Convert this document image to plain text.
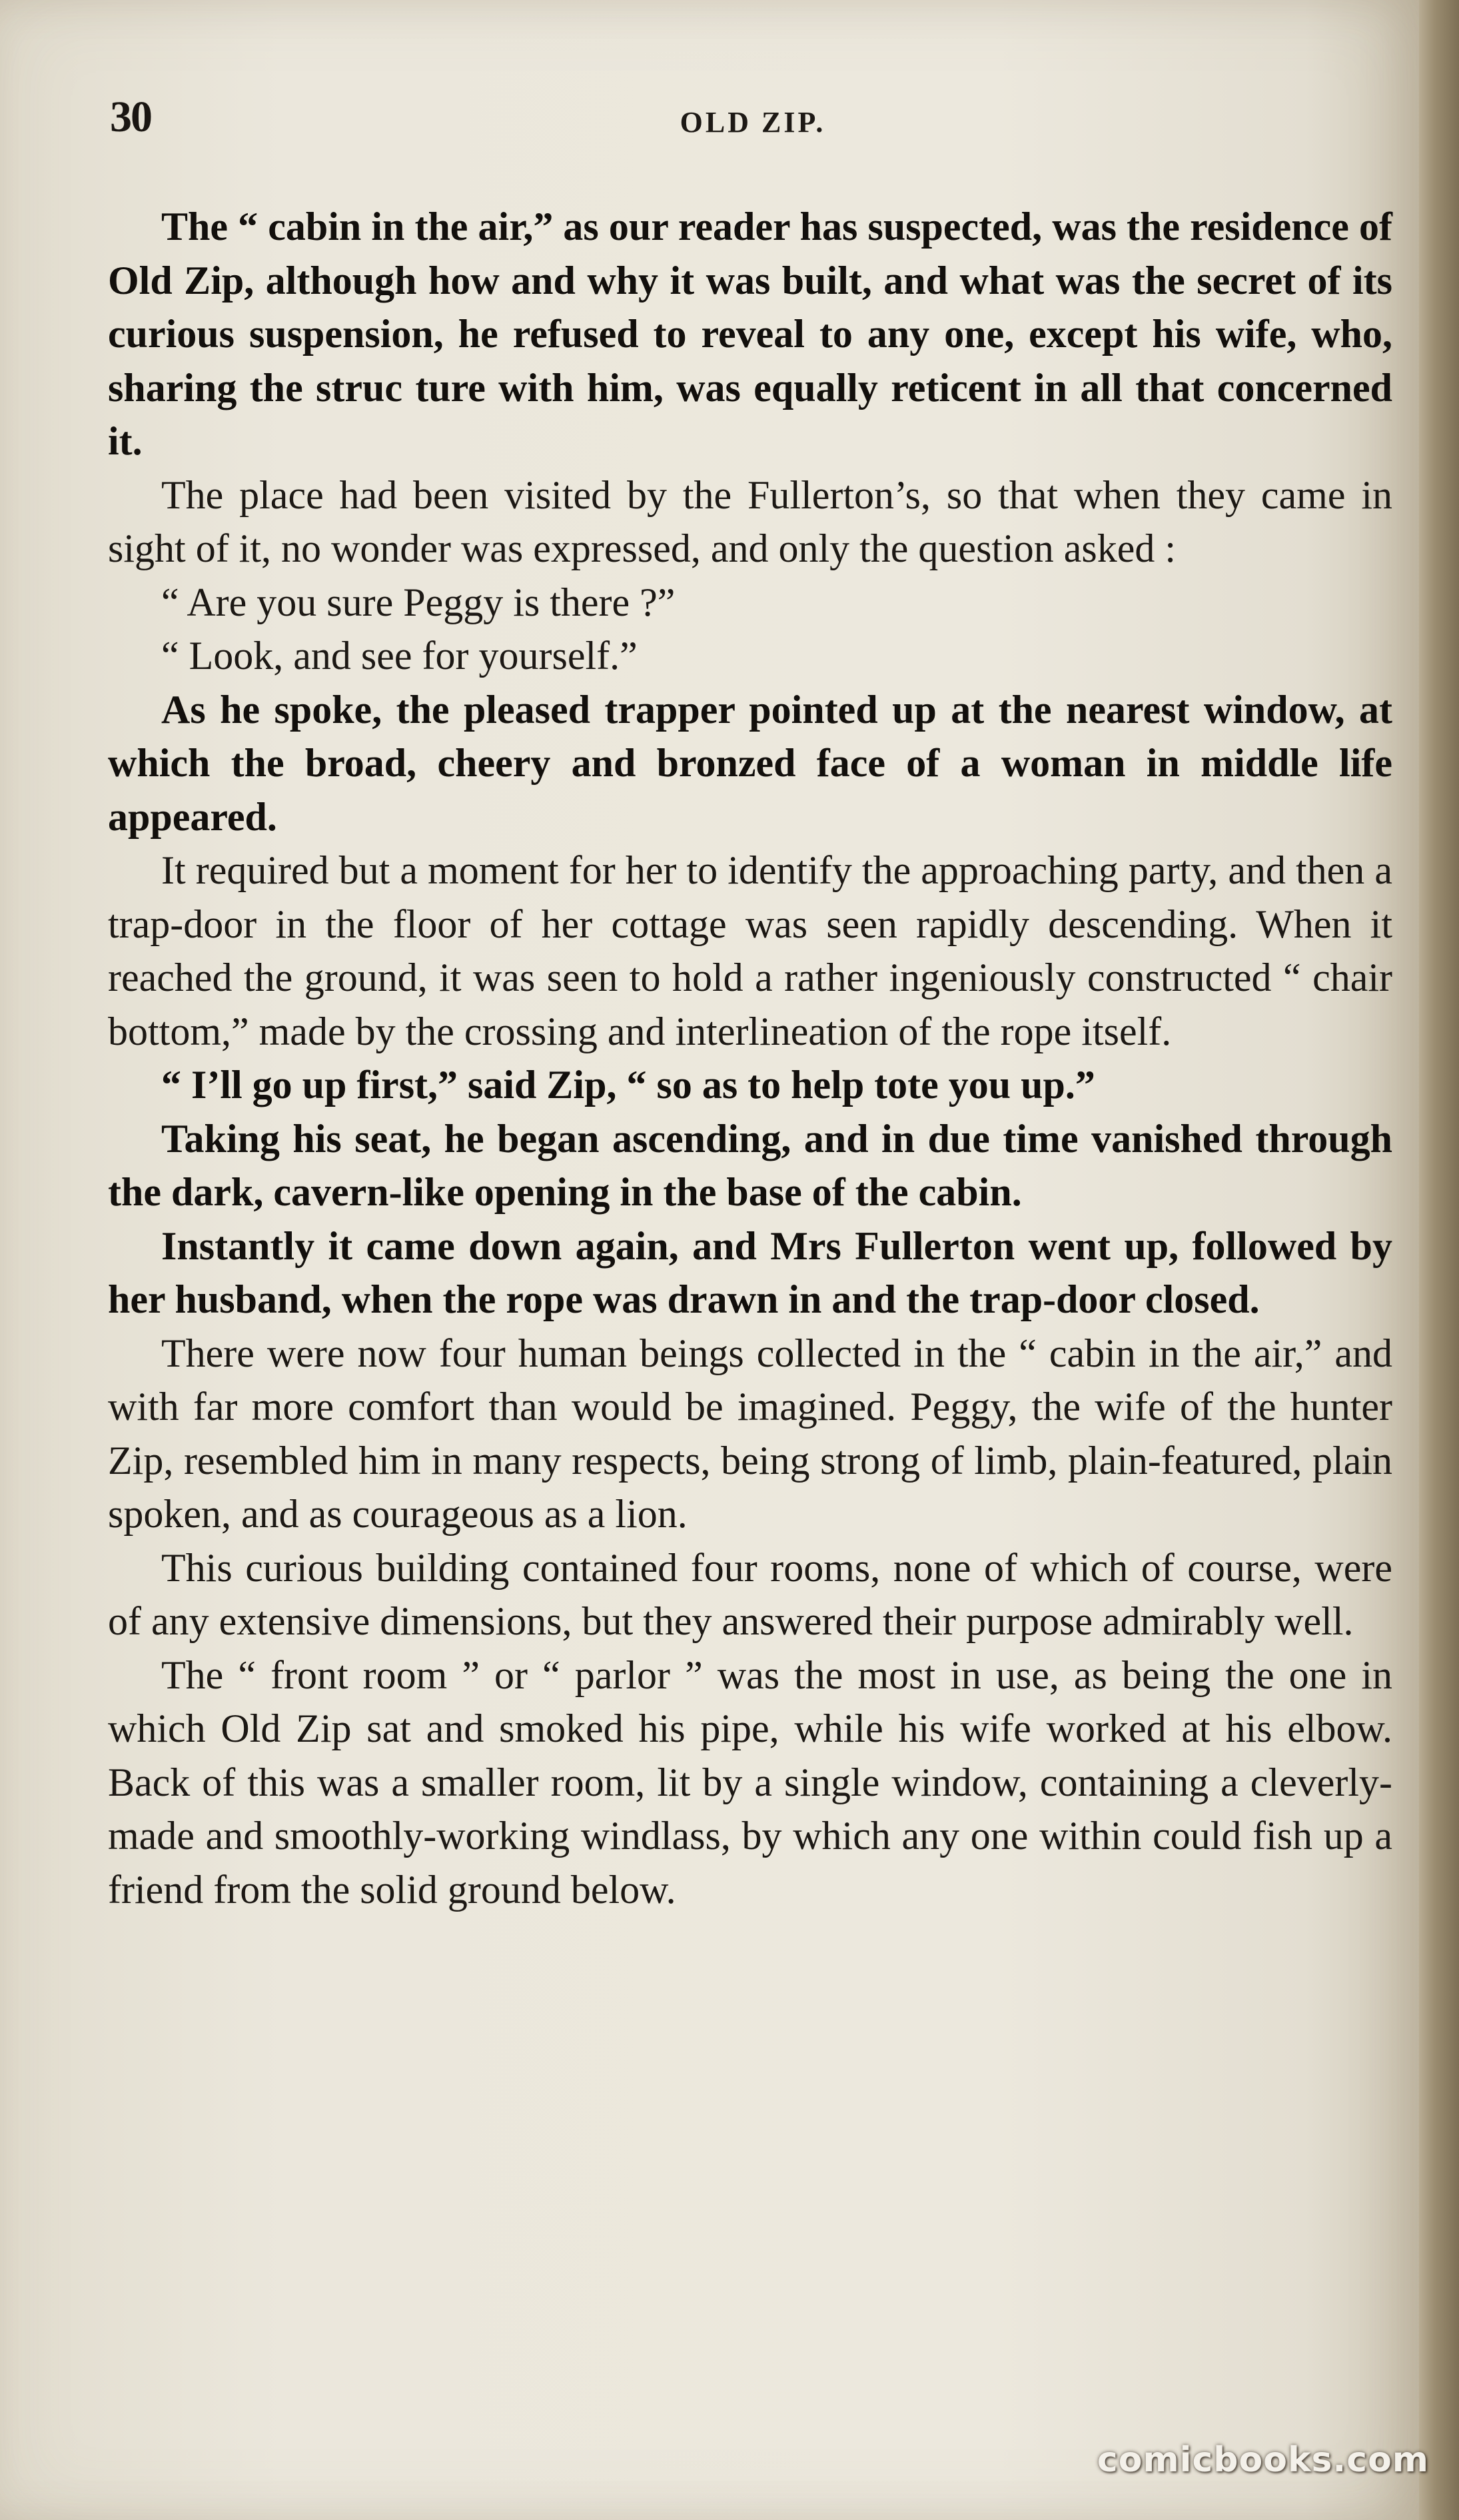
30	OLD ZIP.

The “ cabin in the air,” as our reader has suspected, was the residence of Old Zip, although how and why it was built, and what was the secret of its curious suspension, he refused to reveal to any one, except his wife, who, sharing the struc ture with him, was equally reticent in all that concerned it.

The place had been visited by the Fullerton’s, so that when they came in sight of it, no wonder was expressed, and only the question asked :

“ Are you sure Peggy is there ?”

“ Look, and see for yourself.”

As he spoke, the pleased trapper pointed up at the nearest window, at which the broad, cheery and bronzed face of a woman in middle life appeared.

It required but a moment for her to identify the approaching party, and then a trap-door in the floor of her cottage was seen rapidly descending. When it reached the ground, it was seen to hold a rather ingeniously constructed “ chair bottom,” made by the crossing and interlineation of the rope itself.

“ I’ll go up first,” said Zip, “ so as to help tote you up.”

Taking his seat, he began ascending, and in due time vanished through the dark, cavern-like opening in the base of the cabin.

Instantly it came down again, and Mrs Fullerton went up, followed by her husband, when the rope was drawn in and the trap-door closed.

There were now four human beings collected in the “ cabin in the air,” and with far more comfort than would be imagined. Peggy, the wife of the hunter Zip, resembled him in many respects, being strong of limb, plain-featured, plain spoken, and as courageous as a lion.

This curious building contained four rooms, none of which of course, were of any extensive dimensions, but they answered their purpose admirably well.

The “ front room ” or “ parlor ” was the most in use, as being the one in which Old Zip sat and smoked his pipe, while his wife worked at his elbow. Back of this was a smaller room, lit by a single window, containing a cleverly-made and smoothly-working windlass, by which any one within could fish up a friend from the solid ground below.

comicbooks.com
